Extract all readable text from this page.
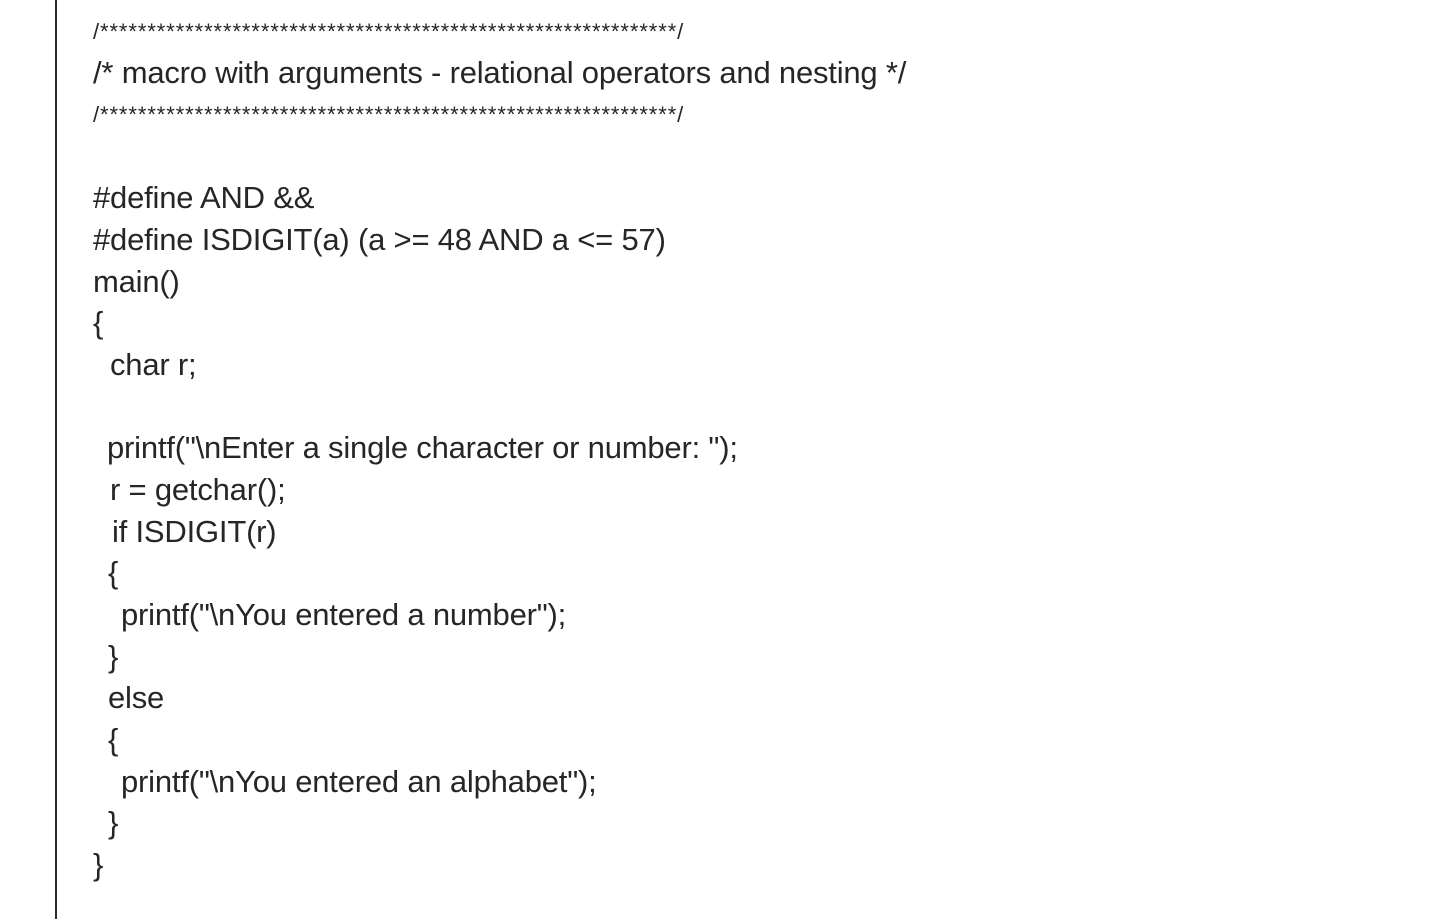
/*************************************************************/
/* macro with arguments - relational operators and nesting */
/*************************************************************/
#define AND &&
#define ISDIGIT(a) (a >= 48 AND a <= 57)
main()
{
char r;
printf("\nEnter a single character or number: ");
r = getchar();
if ISDIGIT(r)
{
printf("\nYou entered a number");
}
else
{
printf("\nYou entered an alphabet");
}
}
